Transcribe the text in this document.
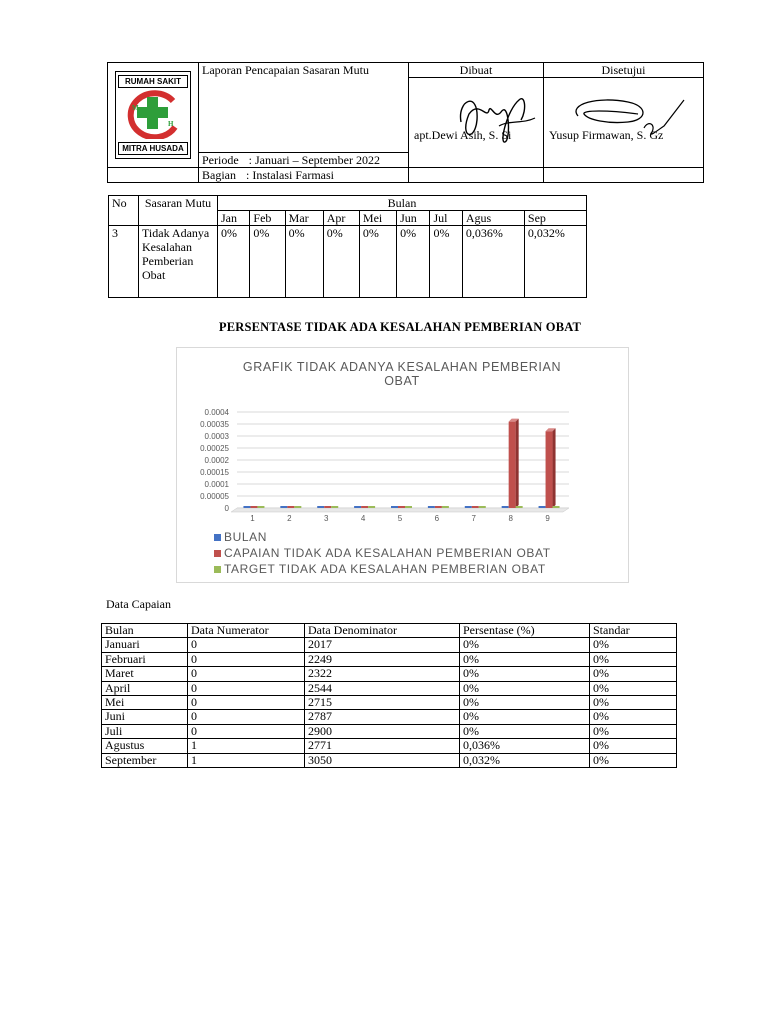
RUMAH SAKIT
M
H
MITRA HUSADA	Laporan Pencapaian Sasaran Mutu	Dibuat	Disetujui

apt.Dewi Asih, S. Si	Yusup Firmawan, S. Gz
	Periode : Januari – September 2022		
	Bagian : Instalasi Farmasi		
No	Sasaran Mutu	Bulan								
		Jan	Feb	Mar	Apr	Mei	Jun	Jul	Agus	Sep
3	Tidak Adanya Kesalahan Pemberian Obat	0%	0%	0%	0%	0%	0%	0%	0,036%	0,032%
PERSENTASE TIDAK ADA KESALAHAN PEMBERIAN OBAT
GRAFIK TIDAK ADANYA KESALAHAN PEMBERIAN
OBAT
0
0.00005
0.0001
0.00015
0.0002
0.00025
0.0003
0.00035
0.0004
1	2	3	4	5	6	7	8	9
BULAN
CAPAIAN TIDAK ADA KESALAHAN PEMBERIAN OBAT
TARGET TIDAK ADA KESALAHAN PEMBERIAN OBAT
Data Capaian
Bulan	Data Numerator	Data Denominator	Persentase (%)	Standar
Januari	0	2017	0%	0%
Februari	0	2249	0%	0%
Maret	0	2322	0%	0%
April	0	2544	0%	0%
Mei	0	2715	0%	0%
Juni	0	2787	0%	0%
Juli	0	2900	0%	0%
Agustus	1	2771	0,036%	0%
September	1	3050	0,032%	0%
